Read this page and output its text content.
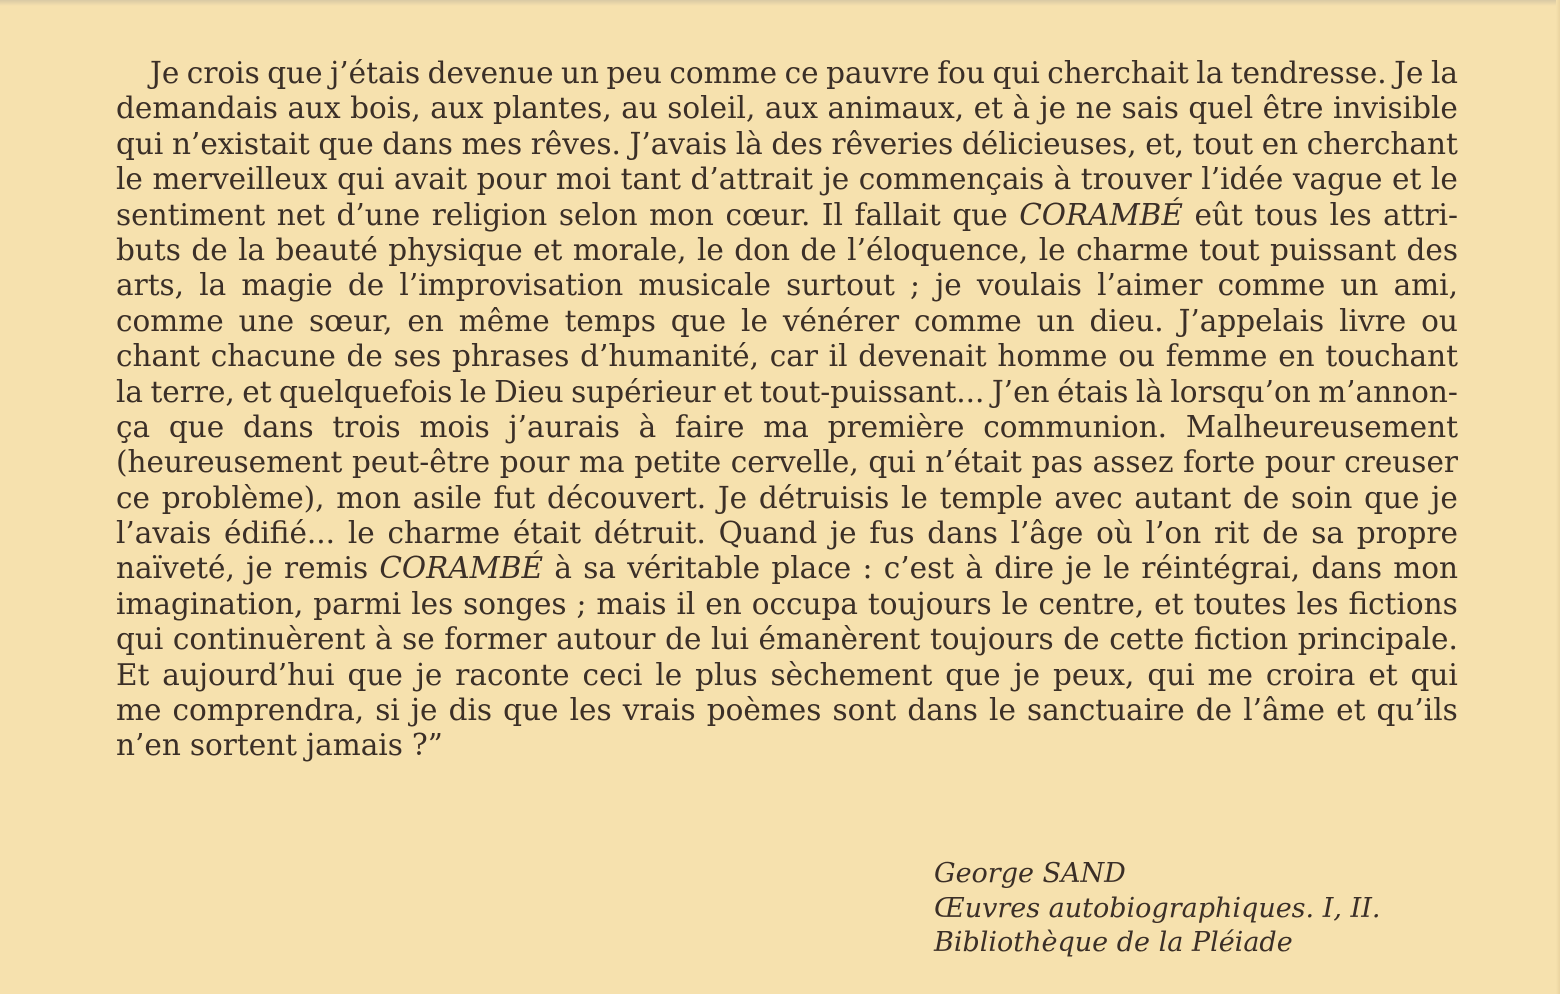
Je crois que j’étais devenue un peu comme ce pauvre fou qui cherchait la tendresse. Je la
demandais aux bois, aux plantes, au soleil, aux animaux, et à je ne sais quel être invisible
qui n’existait que dans mes rêves. J’avais là des rêveries délicieuses, et, tout en cherchant
le merveilleux qui avait pour moi tant d’attrait je commençais à trouver l’idée vague et le
sentiment net d’une religion selon mon cœur. Il fallait que CORAMBÉ eût tous les attri-
buts de la beauté physique et morale, le don de l’éloquence, le charme tout puissant des
arts, la magie de l’improvisation musicale surtout ; je voulais l’aimer comme un ami,
comme une sœur, en même temps que le vénérer comme un dieu. J’appelais livre ou
chant chacune de ses phrases d’humanité, car il devenait homme ou femme en touchant
la terre, et quelquefois le Dieu supérieur et tout-puissant... J’en étais là lorsqu’on m’annon-
ça que dans trois mois j’aurais à faire ma première communion. Malheureusement
(heureusement peut-être pour ma petite cervelle, qui n’était pas assez forte pour creuser
ce problème), mon asile fut découvert. Je détruisis le temple avec autant de soin que je
l’avais édifié... le charme était détruit. Quand je fus dans l’âge où l’on rit de sa propre
naïveté, je remis CORAMBÉ à sa véritable place : c’est à dire je le réintégrai, dans mon
imagination, parmi les songes ; mais il en occupa toujours le centre, et toutes les fictions
qui continuèrent à se former autour de lui émanèrent toujours de cette fiction principale.
Et aujourd’hui que je raconte ceci le plus sèchement que je peux, qui me croira et qui
me comprendra, si je dis que les vrais poèmes sont dans le sanctuaire de l’âme et qu’ils
n’en sortent jamais ?”
George SAND
Œuvres autobiographiques. I, II.
Bibliothèque de la Pléiade
